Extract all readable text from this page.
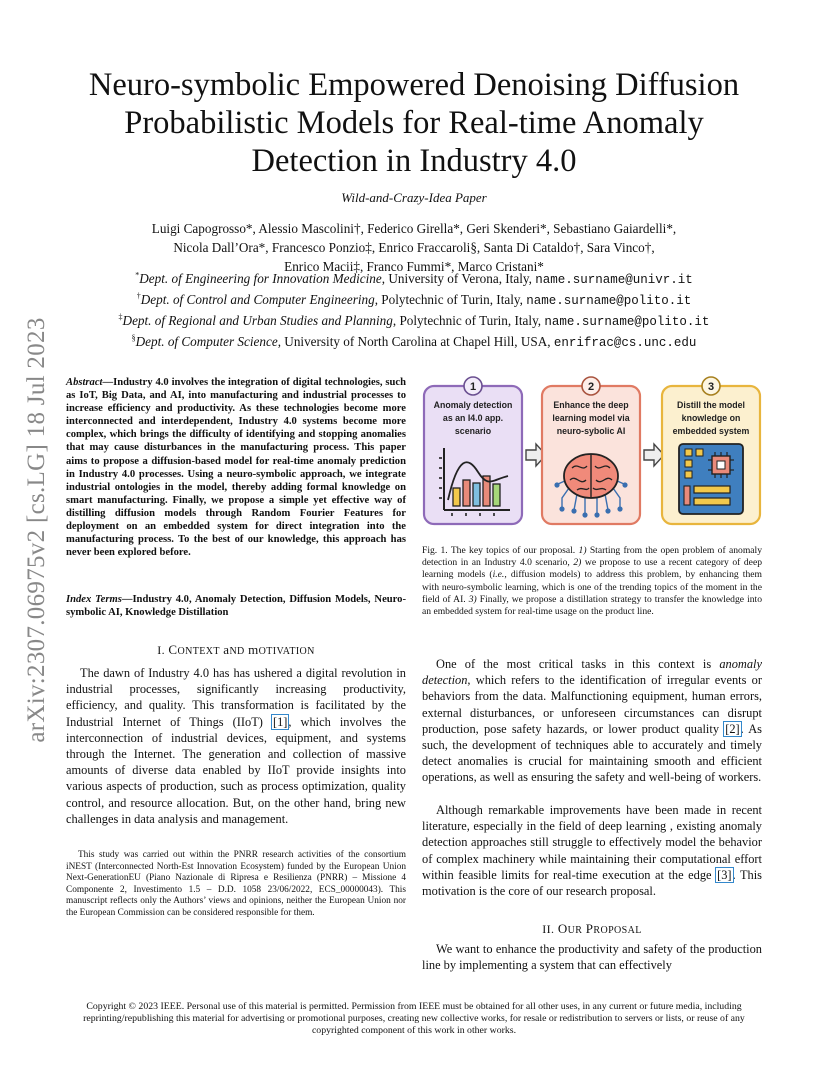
arXiv:2307.06975v2 [cs.LG] 18 Jul 2023
Neuro-symbolic Empowered Denoising Diffusion Probabilistic Models for Real-time Anomaly Detection in Industry 4.0
Wild-and-Crazy-Idea Paper
Luigi Capogrosso*, Alessio Mascolini†, Federico Girella*, Geri Skenderi*, Sebastiano Gaiardelli*,
Nicola Dall’Ora*, Francesco Ponzio‡, Enrico Fraccaroli§, Santa Di Cataldo†, Sara Vinco†,
Enrico Macii‡, Franco Fummi*, Marco Cristani*
*Dept. of Engineering for Innovation Medicine, University of Verona, Italy, name.surname@univr.it
†Dept. of Control and Computer Engineering, Polytechnic of Turin, Italy, name.surname@polito.it
‡Dept. of Regional and Urban Studies and Planning, Polytechnic of Turin, Italy, name.surname@polito.it
§Dept. of Computer Science, University of North Carolina at Chapel Hill, USA, enrifrac@cs.unc.edu
Abstract—Industry 4.0 involves the integration of digital technologies, such as IoT, Big Data, and AI, into manufacturing and industrial processes to increase efficiency and productivity. As these technologies become more interconnected and interdependent, Industry 4.0 systems become more complex, which brings the difficulty of identifying and stopping anomalies that may cause disturbances in the manufacturing process. This paper aims to propose a diffusion-based model for real-time anomaly prediction in Industry 4.0 processes. Using a neuro-symbolic approach, we integrate industrial ontologies in the model, thereby adding formal knowledge on smart manufacturing. Finally, we propose a simple yet effective way of distilling diffusion models through Random Fourier Features for deployment on an embedded system for direct integration into the manufacturing process. To the best of our knowledge, this approach has never been explored before.
Index Terms—Industry 4.0, Anomaly Detection, Diffusion Models, Neuro-symbolic AI, Knowledge Distillation
I. CONTEXT aND mOTIVATION
The dawn of Industry 4.0 has has ushered a digital revolution in industrial processes, significantly increasing productivity, efficiency, and quality. This transformation is facilitated by the Industrial Internet of Things (IIoT) [1], which involves the interconnection of industrial devices, equipment, and systems through the Internet. The generation and collection of massive amounts of diverse data enabled by IIoT provide insights into various aspects of production, such as process optimization, quality control, and resource allocation. But, on the other hand, bring new challenges in data analysis and management.
This study was carried out within the PNRR research activities of the consortium iNEST (Interconnected North-Est Innovation Ecosystem) funded by the European Union Next-GenerationEU (Piano Nazionale di Ripresa e Resilienza (PNRR) – Missione 4 Componente 2, Investimento 1.5 – D.D. 1058 23/06/2022, ECS_00000043). This manuscript reflects only the Authors’ views and opinions, neither the European Union nor the European Commission can be considered responsible for them.
1
Anomaly detection
as an I4.0 app.
scenario
2
Enhance the deep
learning model via
neuro-sybolic AI
3
Distill the model
knowledge on
embedded system
Fig. 1. The key topics of our proposal. 1) Starting from the open problem of anomaly detection in an Industry 4.0 scenario, 2) we propose to use a recent category of deep learning models (i.e., diffusion models) to address this problem, by enhancing them with neuro-symbolic learning, which is one of the trending topics of the moment in the field of AI. 3) Finally, we propose a distillation strategy to transfer the knowledge into an embedded system for real-time usage on the product line.
One of the most critical tasks in this context is anomaly detection, which refers to the identification of irregular events or behaviors from the data. Malfunctioning equipment, human errors, external disturbances, or unforeseen circumstances can disrupt production, pose safety hazards, or lower product quality [2]. As such, the development of techniques able to accurately and timely detect anomalies is crucial for maintaining smooth and efficient operations, as well as ensuring the safety and well-being of workers.
Although remarkable improvements have been made in recent literature, especially in the field of deep learning , existing anomaly detection approaches still struggle to effectively model the behavior of complex machinery while maintaining their computational effort within feasible limits for real-time execution at the edge [3]. This motivation is the core of our research proposal.
II. OUR PROPOSAL
We want to enhance the productivity and safety of the production line by implementing a system that can effectively
Copyright © 2023 IEEE. Personal use of this material is permitted. Permission from IEEE must be obtained for all other uses, in any current or future media, including reprinting/republishing this material for advertising or promotional purposes, creating new collective works, for resale or redistribution to servers or lists, or reuse of any copyrighted component of this work in other works.
